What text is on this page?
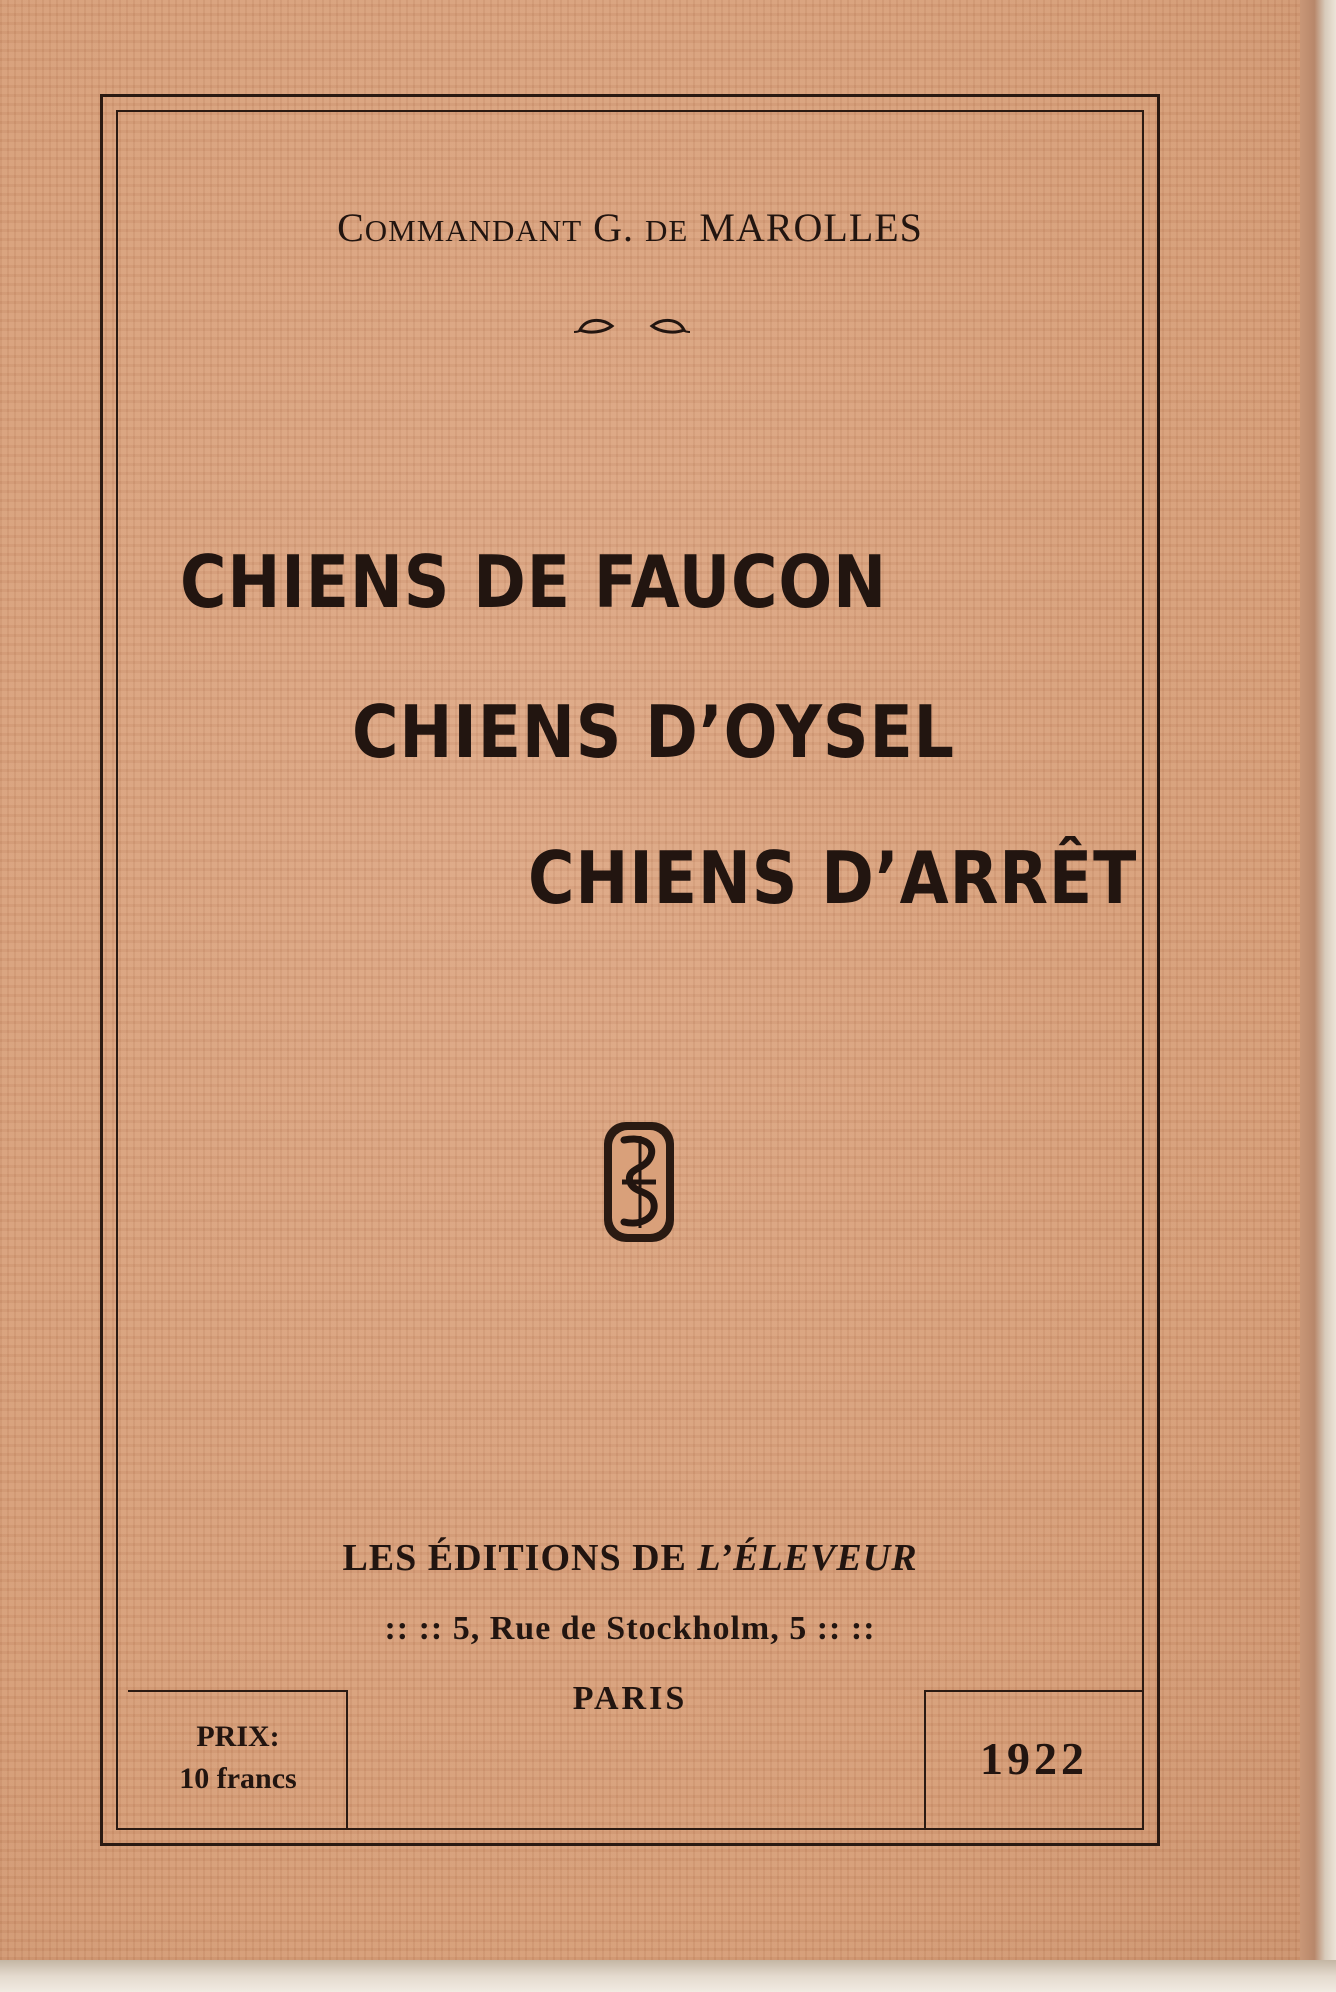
COMMANDANT G. DE MAROLLES
CHIENS DE FAUCON
CHIENS D’OYSEL
CHIENS D’ARRÊT
LES ÉDITIONS DE L’ÉLEVEUR
:: :: 5, Rue de Stockholm, 5 :: ::
PARIS
PRIX:
10 francs	1922
